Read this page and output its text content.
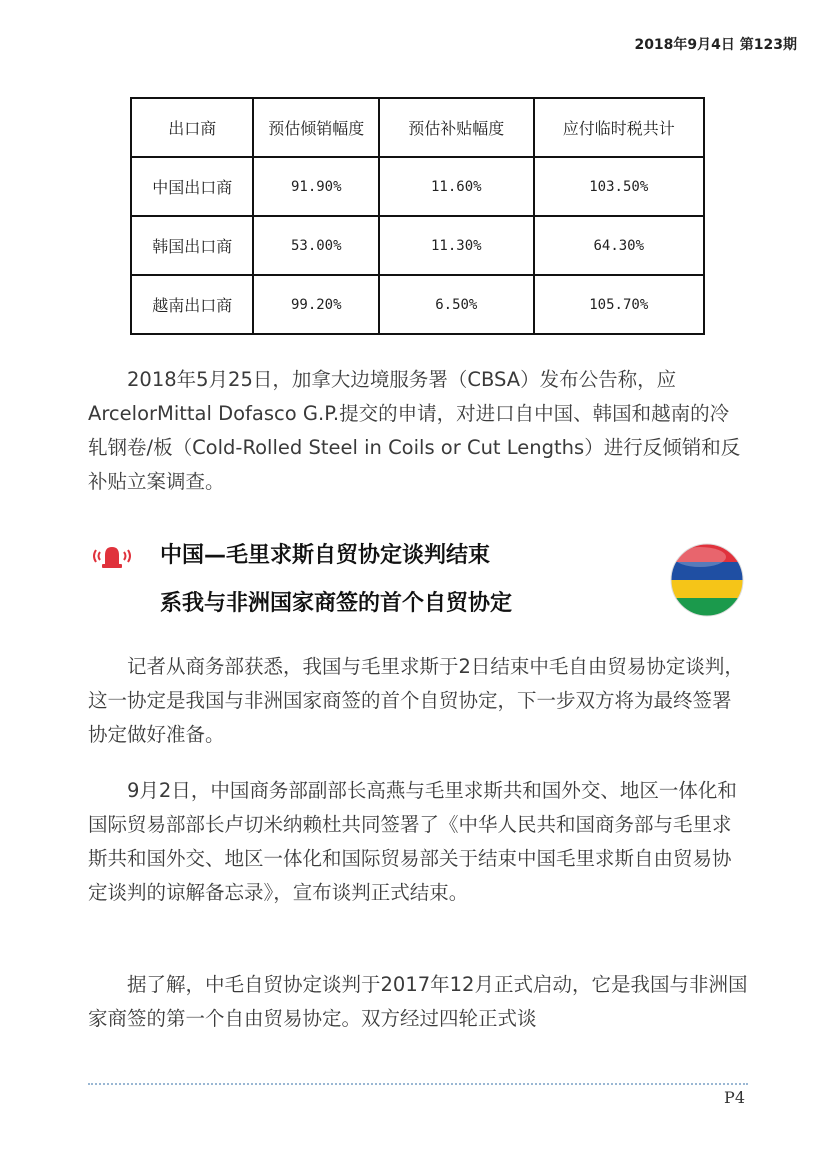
2018年9月4日 第123期
出口商	预估倾销幅度	预估补贴幅度	应付临时税共计
中国出口商	91.90%	11.60%	103.50%
韩国出口商	53.00%	11.30%	64.30%
越南出口商	99.20%	6.50%	105.70%

2018年5月25日，加拿大边境服务署（CBSA）发布公告称，应ArcelorMittal Dofasco G.P.提交的申请，对进口自中国、韩国和越南的冷轧钢卷/板（Cold-Rolled Steel in Coils or Cut Lengths）进行反倾销和反补贴立案调查。

中国—毛里求斯自贸协定谈判结束
系我与非洲国家商签的首个自贸协定

记者从商务部获悉，我国与毛里求斯于2日结束中毛自由贸易协定谈判，这一协定是我国与非洲国家商签的首个自贸协定，下一步双方将为最终签署协定做好准备。

9月2日，中国商务部副部长高燕与毛里求斯共和国外交、地区一体化和国际贸易部部长卢切米纳赖杜共同签署了《中华人民共和国商务部与毛里求斯共和国外交、地区一体化和国际贸易部关于结束中国毛里求斯自由贸易协定谈判的谅解备忘录》，宣布谈判正式结束。

据了解，中毛自贸协定谈判于2017年12月正式启动，它是我国与非洲国家商签的第一个自由贸易协定。双方经过四轮正式谈

P4
